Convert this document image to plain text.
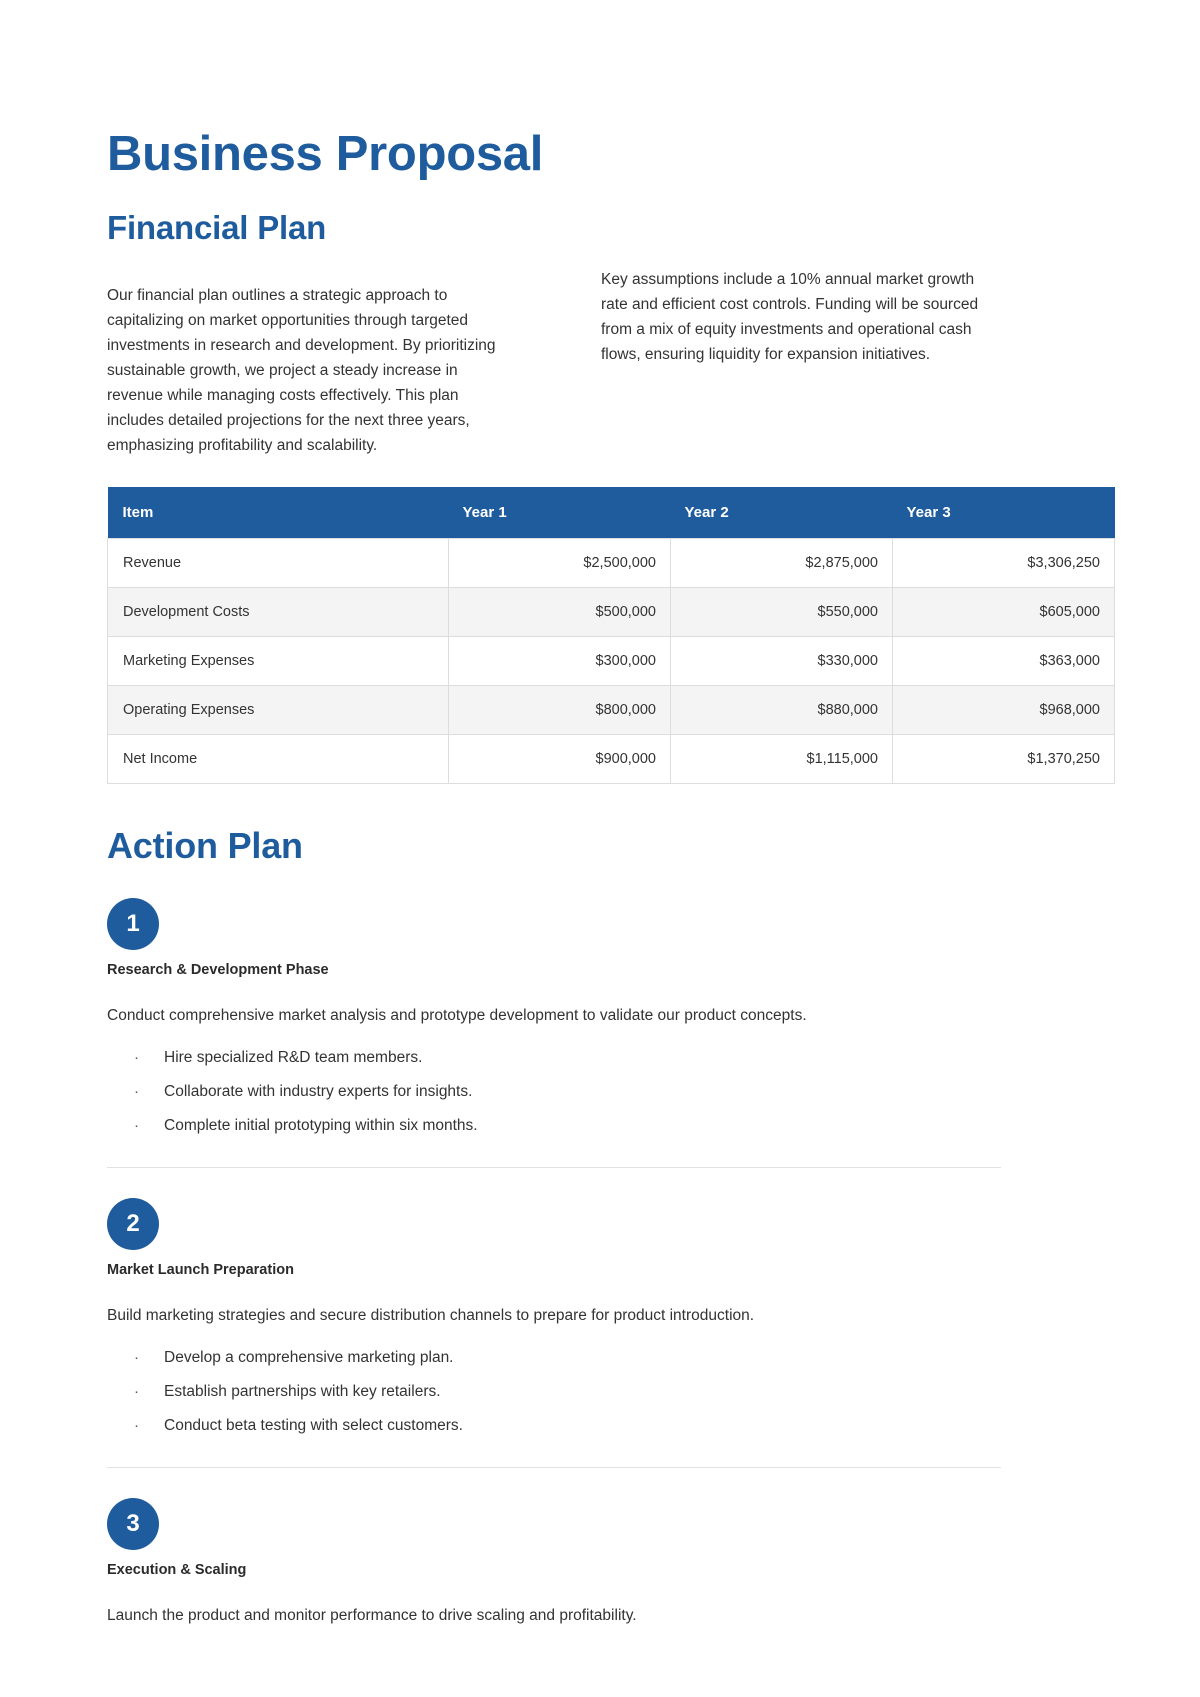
Business Proposal
Financial Plan

Our financial plan outlines a strategic approach to capitalizing on market opportunities through targeted investments in research and development. By prioritizing sustainable growth, we project a steady increase in revenue while managing costs effectively. This plan includes detailed projections for the next three years, emphasizing profitability and scalability.

Key assumptions include a 10% annual market growth rate and efficient cost controls. Funding will be sourced from a mix of equity investments and operational cash flows, ensuring liquidity for expansion initiatives.

Item	Year 1	Year 2	Year 3
Revenue	$2,500,000	$2,875,000	$3,306,250
Development Costs	$500,000	$550,000	$605,000
Marketing Expenses	$300,000	$330,000	$363,000
Operating Expenses	$800,000	$880,000	$968,000
Net Income	$900,000	$1,115,000	$1,370,250
Action Plan
1
Research & Development Phase

Conduct comprehensive market analysis and prototype development to validate our product concepts.

· Hire specialized R&D team members.
· Collaborate with industry experts for insights.
· Complete initial prototyping within six months.
2
Market Launch Preparation

Build marketing strategies and secure distribution channels to prepare for product introduction.

· Develop a comprehensive marketing plan.
· Establish partnerships with key retailers.
· Conduct beta testing with select customers.
3
Execution & Scaling

Launch the product and monitor performance to drive scaling and profitability.
